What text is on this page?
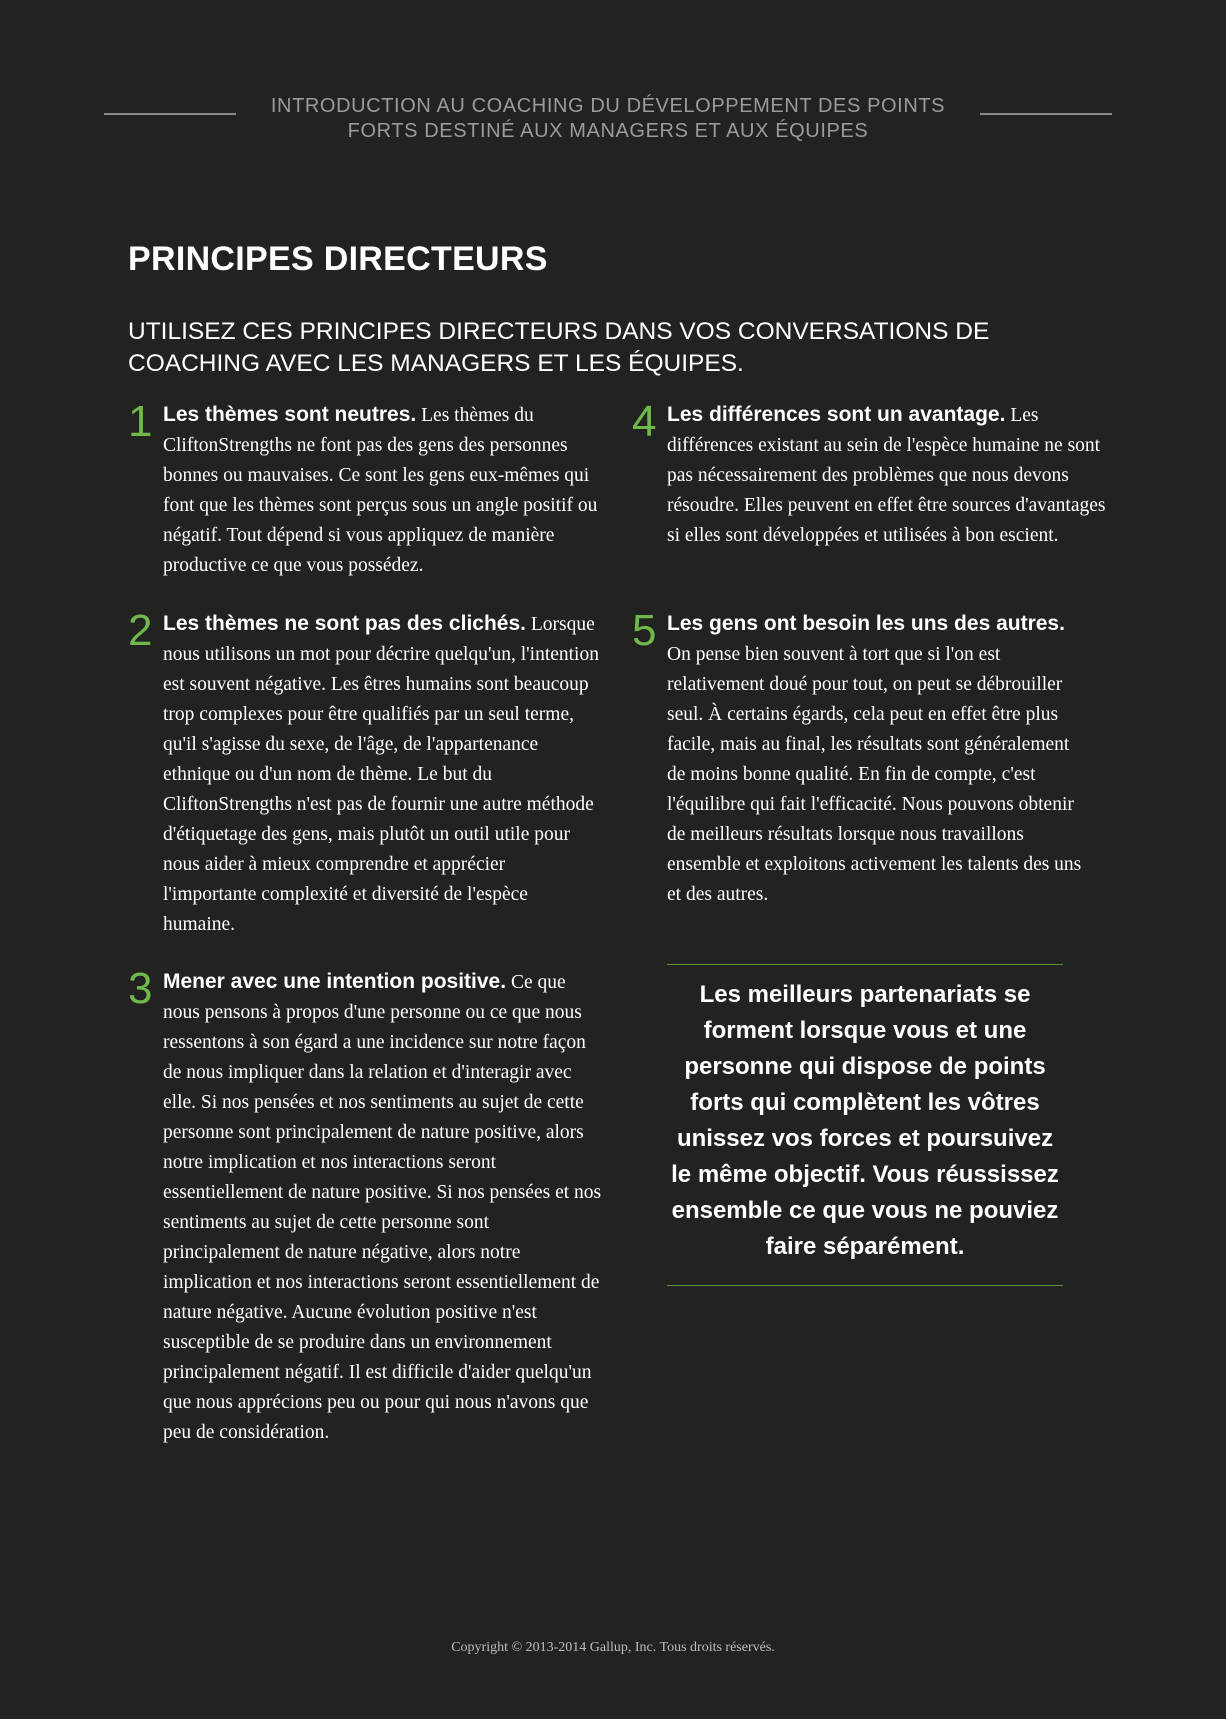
INTRODUCTION AU COACHING DU DÉVELOPPEMENT DES POINTS FORTS DESTINÉ AUX MANAGERS ET AUX ÉQUIPES
PRINCIPES DIRECTEURS
UTILISEZ CES PRINCIPES DIRECTEURS DANS VOS CONVERSATIONS DE COACHING AVEC LES MANAGERS ET LES ÉQUIPES.
1 Les thèmes sont neutres. Les thèmes du CliftonStrengths ne font pas des gens des personnes bonnes ou mauvaises. Ce sont les gens eux-mêmes qui font que les thèmes sont perçus sous un angle positif ou négatif. Tout dépend si vous appliquez de manière productive ce que vous possédez.
2 Les thèmes ne sont pas des clichés. Lorsque nous utilisons un mot pour décrire quelqu'un, l'intention est souvent négative. Les êtres humains sont beaucoup trop complexes pour être qualifiés par un seul terme, qu'il s'agisse du sexe, de l'âge, de l'appartenance ethnique ou d'un nom de thème. Le but du CliftonStrengths n'est pas de fournir une autre méthode d'étiquetage des gens, mais plutôt un outil utile pour nous aider à mieux comprendre et apprécier l'importante complexité et diversité de l'espèce humaine.
3 Mener avec une intention positive. Ce que nous pensons à propos d'une personne ou ce que nous ressentons à son égard a une incidence sur notre façon de nous impliquer dans la relation et d'interagir avec elle. Si nos pensées et nos sentiments au sujet de cette personne sont principalement de nature positive, alors notre implication et nos interactions seront essentiellement de nature positive. Si nos pensées et nos sentiments au sujet de cette personne sont principalement de nature négative, alors notre implication et nos interactions seront essentiellement de nature négative. Aucune évolution positive n'est susceptible de se produire dans un environnement principalement négatif. Il est difficile d'aider quelqu'un que nous apprécions peu ou pour qui nous n'avons que peu de considération.
4 Les différences sont un avantage. Les différences existant au sein de l'espèce humaine ne sont pas nécessairement des problèmes que nous devons résoudre. Elles peuvent en effet être sources d'avantages si elles sont développées et utilisées à bon escient.
5 Les gens ont besoin les uns des autres. On pense bien souvent à tort que si l'on est relativement doué pour tout, on peut se débrouiller seul. À certains égards, cela peut en effet être plus facile, mais au final, les résultats sont généralement de moins bonne qualité. En fin de compte, c'est l'équilibre qui fait l'efficacité. Nous pouvons obtenir de meilleurs résultats lorsque nous travaillons ensemble et exploitons activement les talents des uns et des autres.
Les meilleurs partenariats se forment lorsque vous et une personne qui dispose de points forts qui complètent les vôtres unissez vos forces et poursuivez le même objectif. Vous réussissez ensemble ce que vous ne pouviez faire séparément.
Copyright © 2013-2014 Gallup, Inc. Tous droits réservés.
